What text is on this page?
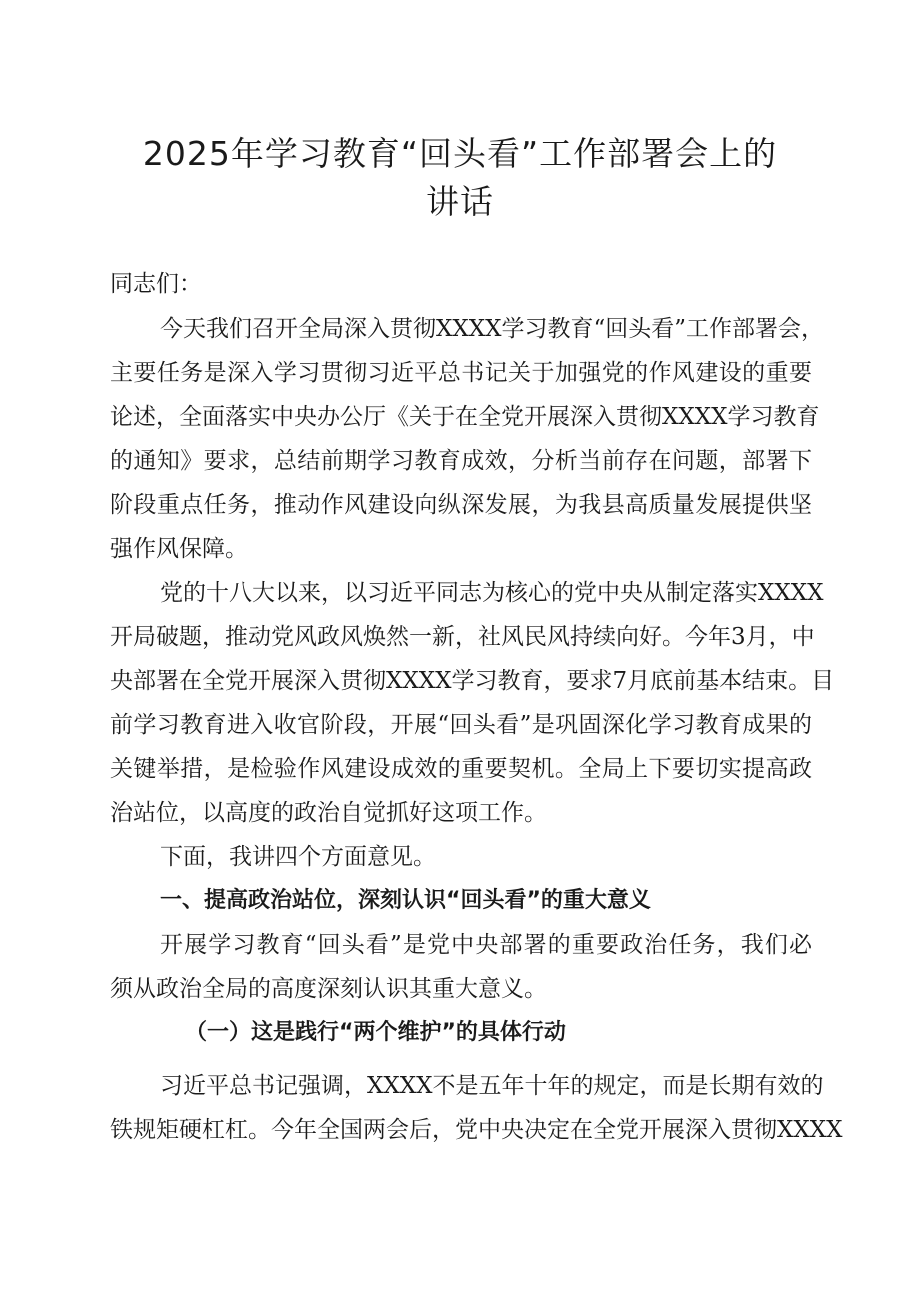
2025年学习教育“回头看”工作部署会上的
讲话
同志们：
今天我们召开全局深入贯彻XXXX学习教育“回头看”工作部署会，
主要任务是深入学习贯彻习近平总书记关于加强党的作风建设的重要
论述，全面落实中央办公厅《关于在全党开展深入贯彻XXXX学习教育
的通知》要求，总结前期学习教育成效，分析当前存在问题，部署下
阶段重点任务，推动作风建设向纵深发展，为我县高质量发展提供坚
强作风保障。
党的十八大以来，以习近平同志为核心的党中央从制定落实XXXX
开局破题，推动党风政风焕然一新，社风民风持续向好。今年3月，中
央部署在全党开展深入贯彻XXXX学习教育，要求7月底前基本结束。目
前学习教育进入收官阶段，开展“回头看”是巩固深化学习教育成果的
关键举措，是检验作风建设成效的重要契机。全局上下要切实提高政
治站位，以高度的政治自觉抓好这项工作。
下面，我讲四个方面意见。
一、提高政治站位，深刻认识“回头看”的重大意义
开展学习教育“回头看”是党中央部署的重要政治任务，我们必
须从政治全局的高度深刻认识其重大意义。
（一）这是践行“两个维护”的具体行动
习近平总书记强调，XXXX不是五年十年的规定，而是长期有效的
铁规矩硬杠杠。今年全国两会后，党中央决定在全党开展深入贯彻XXXX
